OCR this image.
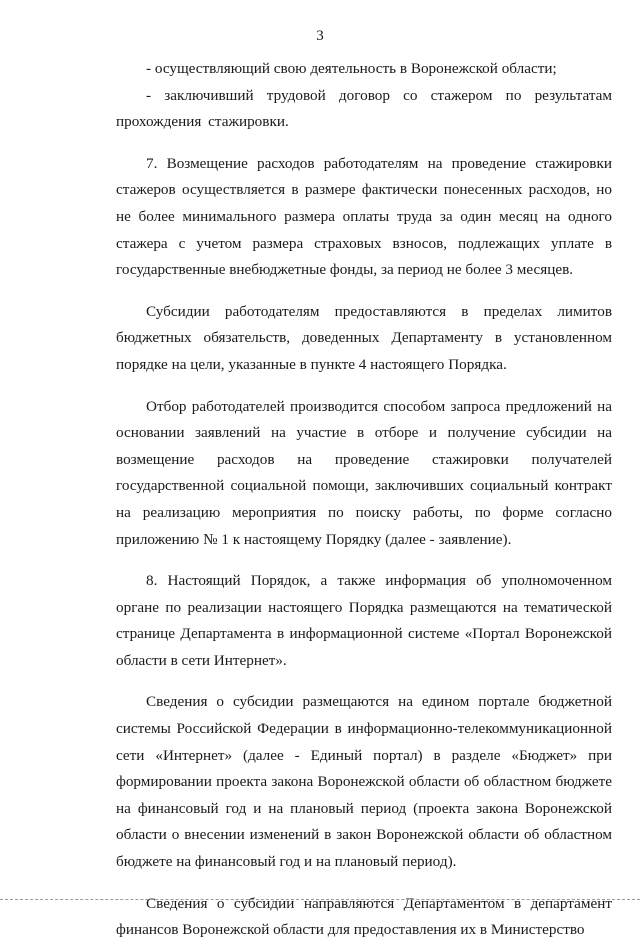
3

- осуществляющий свою деятельность в Воронежской области;

- заключивший трудовой договор со стажером по результатам прохождения стажировки.

7. Возмещение расходов работодателям на проведение стажировки стажеров осуществляется в размере фактически понесенных расходов, но не более минимального размера оплаты труда за один месяц на одного стажера с учетом размера страховых взносов, подлежащих уплате в государственные внебюджетные фонды, за период не более 3 месяцев.

Субсидии работодателям предоставляются в пределах лимитов бюджетных обязательств, доведенных Департаменту в установленном порядке на цели, указанные в пункте 4 настоящего Порядка.

Отбор работодателей производится способом запроса предложений на основании заявлений на участие в отборе и получение субсидии на возмещение расходов на проведение стажировки получателей государственной социальной помощи, заключивших социальный контракт на реализацию мероприятия по поиску работы, по форме согласно приложению № 1 к настоящему Порядку (далее - заявление).

8. Настоящий Порядок, а также информация об уполномоченном органе по реализации настоящего Порядка размещаются на тематической странице Департамента в информационной системе «Портал Воронежской области в сети Интернет».

Сведения о субсидии размещаются на едином портале бюджетной системы Российской Федерации в информационно-телекоммуникационной сети «Интернет» (далее - Единый портал) в разделе «Бюджет» при формировании проекта закона Воронежской области об областном бюджете на финансовый год и на плановый период (проекта закона Воронежской области о внесении изменений в закон Воронежской области об областном бюджете на финансовый год и на плановый период).

Сведения о субсидии направляются Департаментом в департамент финансов Воронежской области для предоставления их в Министерство
